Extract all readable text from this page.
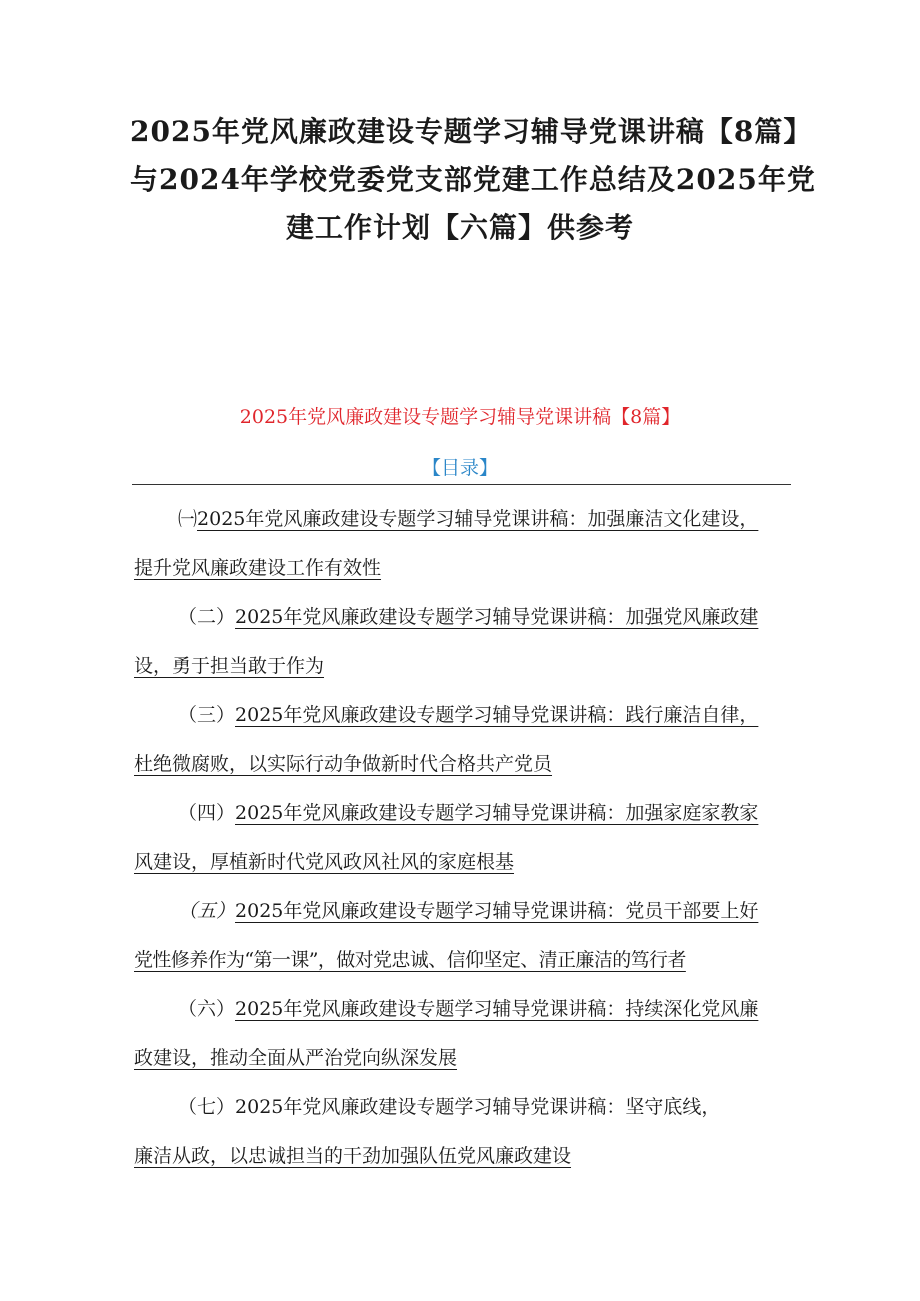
2025年党风廉政建设专题学习辅导党课讲稿【8篇】
与2024年学校党委党支部党建工作总结及2025年党
建工作计划【六篇】供参考
2025年党风廉政建设专题学习辅导党课讲稿【8篇】
【目录】
㈠2025年党风廉政建设专题学习辅导党课讲稿：加强廉洁文化建设，
提升党风廉政建设工作有效性
（二）2025年党风廉政建设专题学习辅导党课讲稿：加强党风廉政建
设，勇于担当敢于作为
（三）2025年党风廉政建设专题学习辅导党课讲稿：践行廉洁自律，
杜绝微腐败，以实际行动争做新时代合格共产党员
（四）2025年党风廉政建设专题学习辅导党课讲稿：加强家庭家教家
风建设，厚植新时代党风政风社风的家庭根基
（五）2025年党风廉政建设专题学习辅导党课讲稿：党员干部要上好
党性修养作为“第一课”，做对党忠诚、信仰坚定、清正廉洁的笃行者
（六）2025年党风廉政建设专题学习辅导党课讲稿：持续深化党风廉
政建设，推动全面从严治党向纵深发展
（七）2025年党风廉政建设专题学习辅导党课讲稿：坚守底线，
廉洁从政，以忠诚担当的干劲加强队伍党风廉政建设
